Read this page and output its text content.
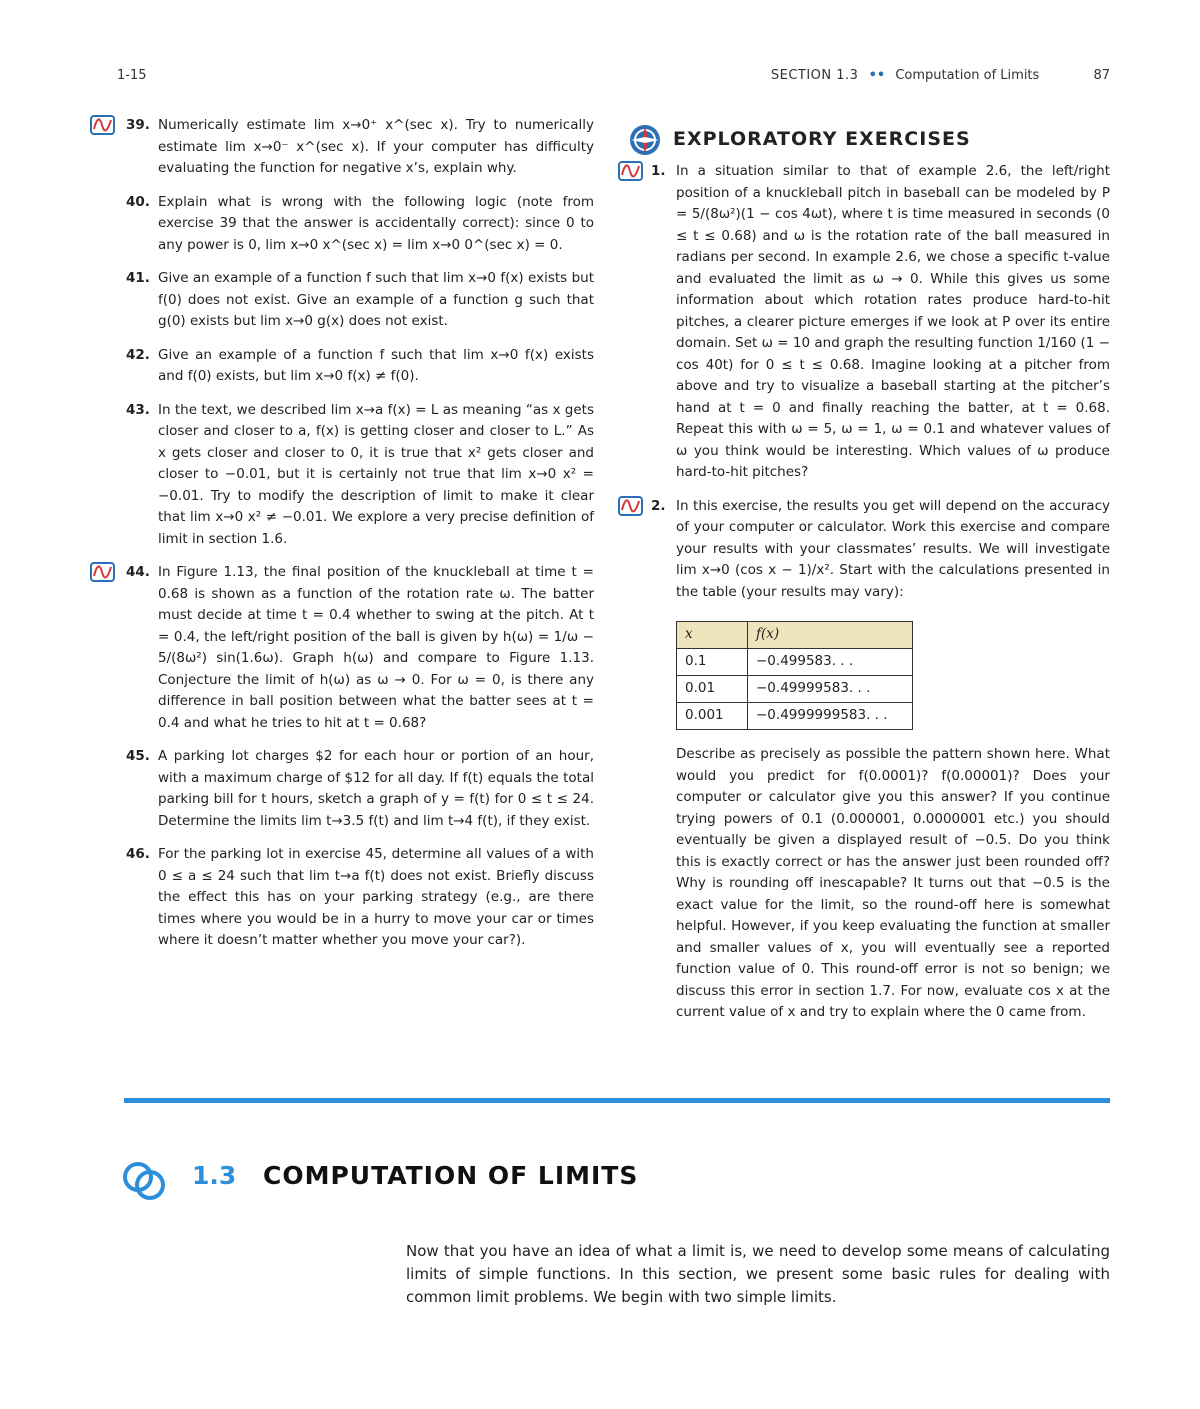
1-15	SECTION 1.3 •• Computation of Limits	87
39. Numerically estimate lim x→0⁺ x^(sec x). Try to numerically estimate lim x→0⁻ x^(sec x). If your computer has difficulty evaluating the function for negative x’s, explain why.
40. Explain what is wrong with the following logic (note from exercise 39 that the answer is accidentally correct): since 0 to any power is 0, lim x→0 x^(sec x) = lim x→0 0^(sec x) = 0.
41. Give an example of a function f such that lim x→0 f(x) exists but f(0) does not exist. Give an example of a function g such that g(0) exists but lim x→0 g(x) does not exist.
42. Give an example of a function f such that lim x→0 f(x) exists and f(0) exists, but lim x→0 f(x) ≠ f(0).
43. In the text, we described lim x→a f(x) = L as meaning “as x gets closer and closer to a, f(x) is getting closer and closer to L.” As x gets closer and closer to 0, it is true that x² gets closer and closer to −0.01, but it is certainly not true that lim x→0 x² = −0.01. Try to modify the description of limit to make it clear that lim x→0 x² ≠ −0.01. We explore a very precise definition of limit in section 1.6.
44. In Figure 1.13, the final position of the knuckleball at time t = 0.68 is shown as a function of the rotation rate ω. The batter must decide at time t = 0.4 whether to swing at the pitch. At t = 0.4, the left/right position of the ball is given by h(ω) = 1/ω − 5/(8ω²) sin(1.6ω). Graph h(ω) and compare to Figure 1.13. Conjecture the limit of h(ω) as ω → 0. For ω = 0, is there any difference in ball position between what the batter sees at t = 0.4 and what he tries to hit at t = 0.68?
45. A parking lot charges $2 for each hour or portion of an hour, with a maximum charge of $12 for all day. If f(t) equals the total parking bill for t hours, sketch a graph of y = f(t) for 0 ≤ t ≤ 24. Determine the limits lim t→3.5 f(t) and lim t→4 f(t), if they exist.
46. For the parking lot in exercise 45, determine all values of a with 0 ≤ a ≤ 24 such that lim t→a f(t) does not exist. Briefly discuss the effect this has on your parking strategy (e.g., are there times where you would be in a hurry to move your car or times where it doesn’t matter whether you move your car?).
EXPLORATORY EXERCISES
1. In a situation similar to that of example 2.6, the left/right position of a knuckleball pitch in baseball can be modeled by P = 5/(8ω²)(1 − cos 4ωt), where t is time measured in seconds (0 ≤ t ≤ 0.68) and ω is the rotation rate of the ball measured in radians per second. In example 2.6, we chose a specific t-value and evaluated the limit as ω → 0. While this gives us some information about which rotation rates produce hard-to-hit pitches, a clearer picture emerges if we look at P over its entire domain. Set ω = 10 and graph the resulting function 1/160 (1 − cos 40t) for 0 ≤ t ≤ 0.68. Imagine looking at a pitcher from above and try to visualize a baseball starting at the pitcher’s hand at t = 0 and finally reaching the batter, at t = 0.68. Repeat this with ω = 5, ω = 1, ω = 0.1 and whatever values of ω you think would be interesting. Which values of ω produce hard-to-hit pitches?
2. In this exercise, the results you get will depend on the accuracy of your computer or calculator. Work this exercise and compare your results with your classmates’ results. We will investigate lim x→0 (cos x − 1)/x². Start with the calculations presented in the table (your results may vary):
x	f(x)
0.1	−0.499583. . .
0.01	−0.49999583. . .
0.001	−0.4999999583. . .
Describe as precisely as possible the pattern shown here. What would you predict for f(0.0001)? f(0.00001)? Does your computer or calculator give you this answer? If you continue trying powers of 0.1 (0.000001, 0.0000001 etc.) you should eventually be given a displayed result of −0.5. Do you think this is exactly correct or has the answer just been rounded off? Why is rounding off inescapable? It turns out that −0.5 is the exact value for the limit, so the round-off here is somewhat helpful. However, if you keep evaluating the function at smaller and smaller values of x, you will eventually see a reported function value of 0. This round-off error is not so benign; we discuss this error in section 1.7. For now, evaluate cos x at the current value of x and try to explain where the 0 came from.
1.3 COMPUTATION OF LIMITS
Now that you have an idea of what a limit is, we need to develop some means of calculating limits of simple functions. In this section, we present some basic rules for dealing with common limit problems. We begin with two simple limits.
